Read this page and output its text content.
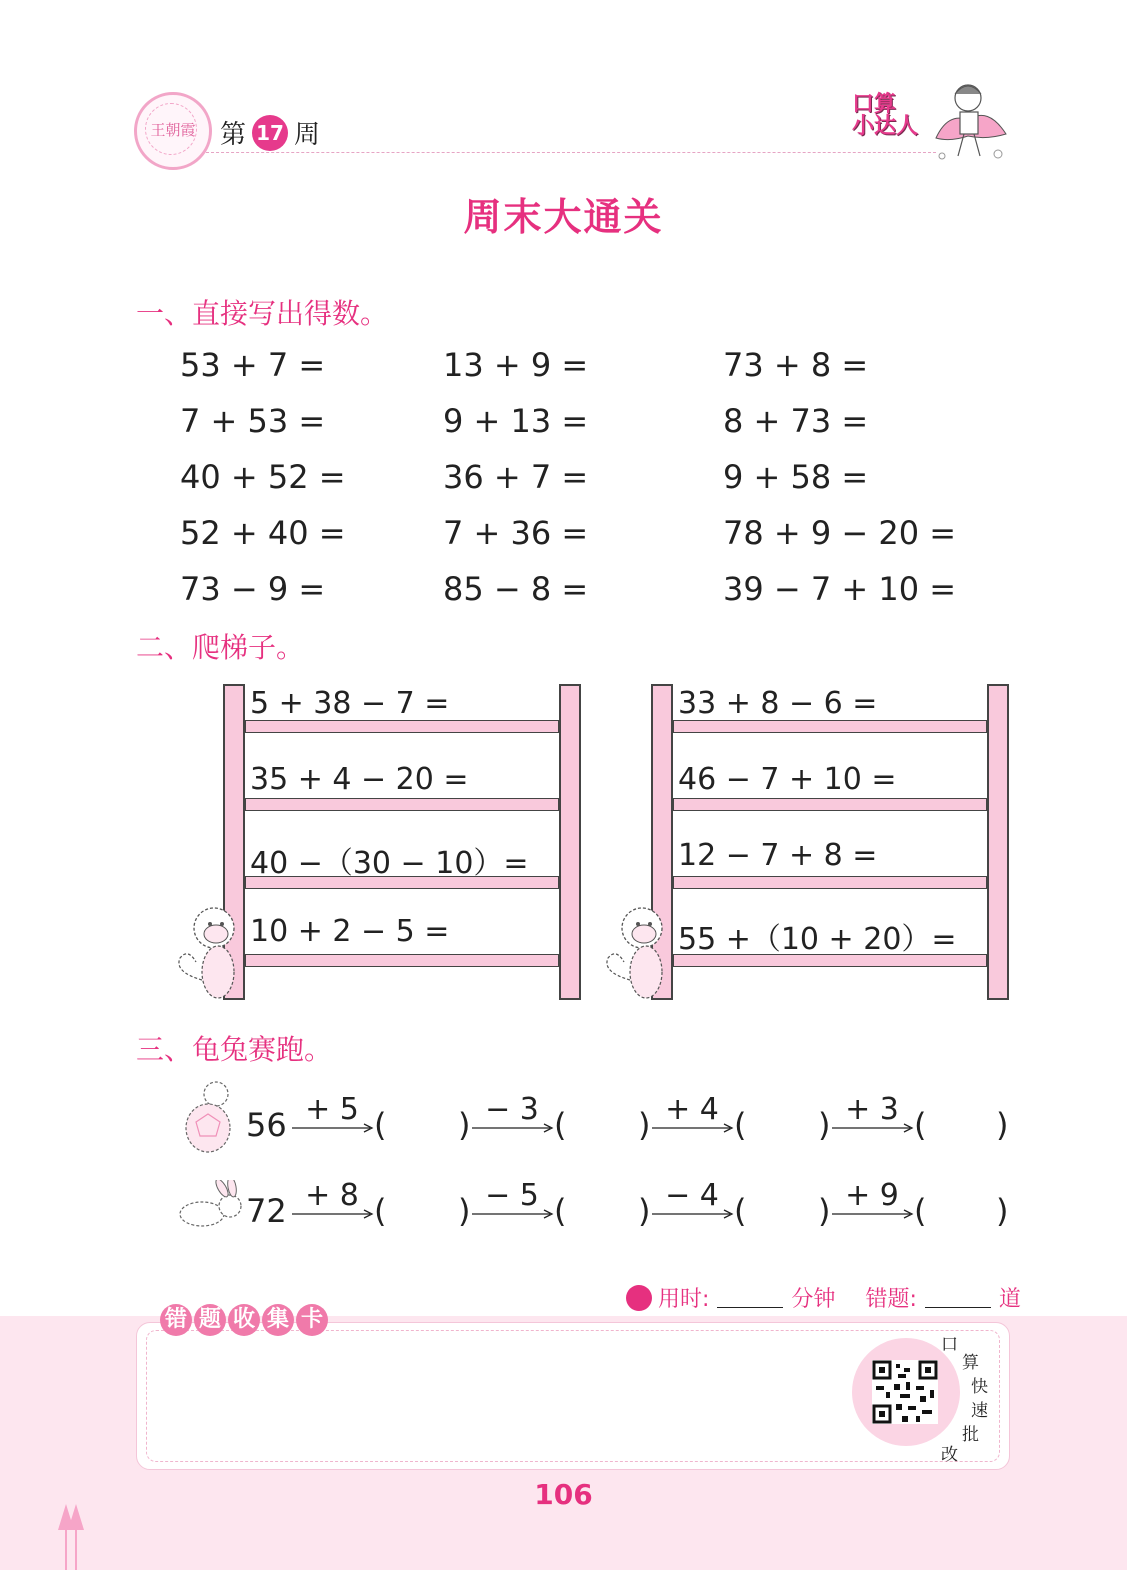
王朝霞 第 17 周
口算
小达人
周末大通关
一、直接写出得数。
53 + 7 =	13 + 9 =	73 + 8 =
7 + 53 =	9 + 13 =	8 + 73 =
40 + 52 =	36 + 7 =	9 + 58 =
52 + 40 =	7 + 36 =	78 + 9 − 20 =
73 − 9 =	85 − 8 =	39 − 7 + 10 =
二、爬梯子。
5 + 38 − 7 =
35 + 4 − 20 =
40 −（30 − 10）=
10 + 2 − 5 =
33 + 8 − 6 =
46 − 7 + 10 =
12 − 7 + 8 =
55 +（10 + 20）=
三、龟兔赛跑。
56 + 5 ( ) − 3 ( ) + 4 ( ) + 3 ( )
72 + 8 ( ) − 5 ( ) − 4 ( ) + 9 ( )
用时:	分钟 错题:	道
错 题 收 集 卡
口
算
快
速
批
改
106
